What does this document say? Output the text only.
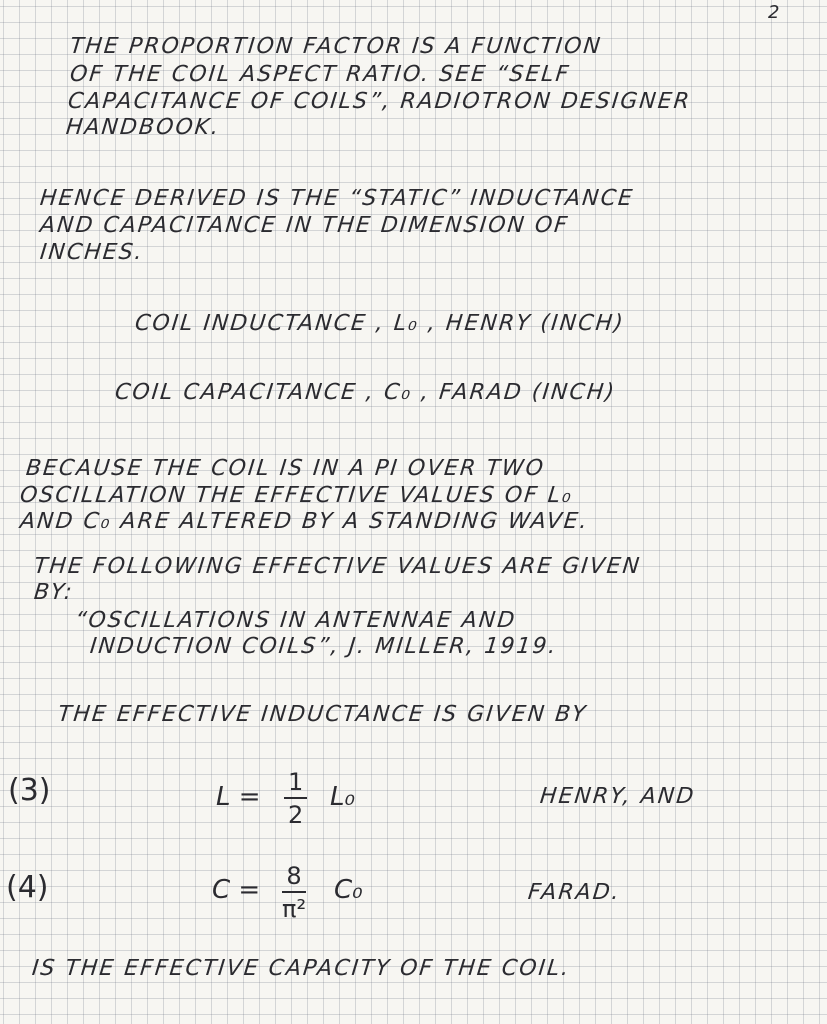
2
THE PROPORTION FACTOR IS A FUNCTION
OF THE COIL ASPECT RATIO. SEE “SELF
CAPACITANCE OF COILS”, RADIOTRON DESIGNER
HANDBOOK.
HENCE DERIVED IS THE “STATIC” INDUCTANCE
AND CAPACITANCE IN THE DIMENSION OF
INCHES.
COIL INDUCTANCE , L₀ , HENRY (INCH)
COIL CAPACITANCE , C₀ , FARAD (INCH)
BECAUSE THE COIL IS IN A PI OVER TWO
OSCILLATION THE EFFECTIVE VALUES OF L₀
AND C₀ ARE ALTERED BY A STANDING WAVE.
THE FOLLOWING EFFECTIVE VALUES ARE GIVEN
BY:
“OSCILLATIONS IN ANTENNAE AND
INDUCTION COILS”, J. MILLER, 1919.
THE EFFECTIVE INDUCTANCE IS GIVEN BY
(3)	$L = \frac{1}{2} L_0$	HENRY, AND
(4)	$C = \frac{8}{\text{π²}} C_0$	FARAD.
IS THE EFFECTIVE CAPACITY OF THE COIL.
